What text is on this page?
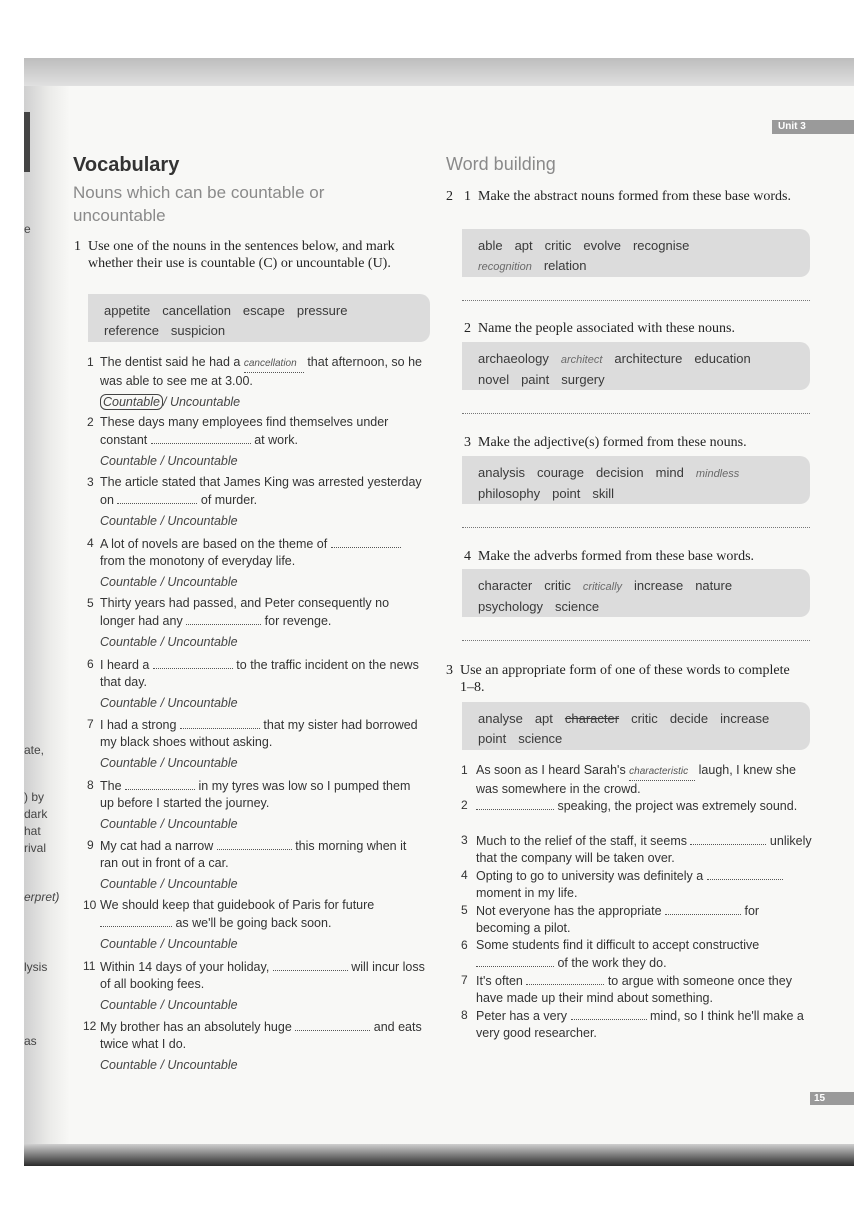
e
ate,
) by
dark
hat
rival
erpret)
lysis
as
Unit 3
15
Vocabulary
Nouns which can be countable or
uncountable
1 Use one of the nouns in the sentences below, and mark whether their use is countable (C) or uncountable (U).
appetite cancellation escape pressure
reference suspicion
1 The dentist said he had a cancellation that afternoon, so he was able to see me at 3.00.
Countable / Uncountable
2 These days many employees find themselves under constant	at work.
Countable / Uncountable
3 The article stated that James King was arrested yesterday on	of murder.
Countable / Uncountable
4 A lot of novels are based on the theme of  from the monotony of everyday life.
Countable / Uncountable
5 Thirty years had passed, and Peter consequently no longer had any	for revenge.
Countable / Uncountable
6 I heard a	to the traffic incident on the news that day.
Countable / Uncountable
7 I had a strong	that my sister had borrowed my black shoes without asking.
Countable / Uncountable
8 The	in my tyres was low so I pumped them up before I started the journey.
Countable / Uncountable
9 My cat had a narrow	this morning when it ran out in front of a car.
Countable / Uncountable
10 We should keep that guidebook of Paris for future  as we'll be going back soon.
Countable / Uncountable
11 Within 14 days of your holiday,	will incur loss of all booking fees.
Countable / Uncountable
12 My brother has an absolutely huge	and eats twice what I do.
Countable / Uncountable
Word building
2 1 Make the abstract nouns formed from these base words.
able apt critic evolve recognise
recognition relation
2 Name the people associated with these nouns.
archaeology architect architecture education
novel paint surgery
3 Make the adjective(s) formed from these nouns.
analysis courage decision mind mindless
philosophy point skill
4 Make the adverbs formed from these base words.
character critic critically increase nature
psychology science
3 Use an appropriate form of one of these words to complete 1–8.
analyse apt character critic decide increase
point science
1 As soon as I heard Sarah's characteristic laugh, I knew she was somewhere in the crowd.
2	speaking, the project was extremely sound.
3 Much to the relief of the staff, it seems	unlikely that the company will be taken over.
4 Opting to go to university was definitely a  moment in my life.
5 Not everyone has the appropriate	for becoming a pilot.
6 Some students find it difficult to accept constructive  of the work they do.
7 It's often	to argue with someone once they have made up their mind about something.
8 Peter has a very	mind, so I think he'll make a very good researcher.
